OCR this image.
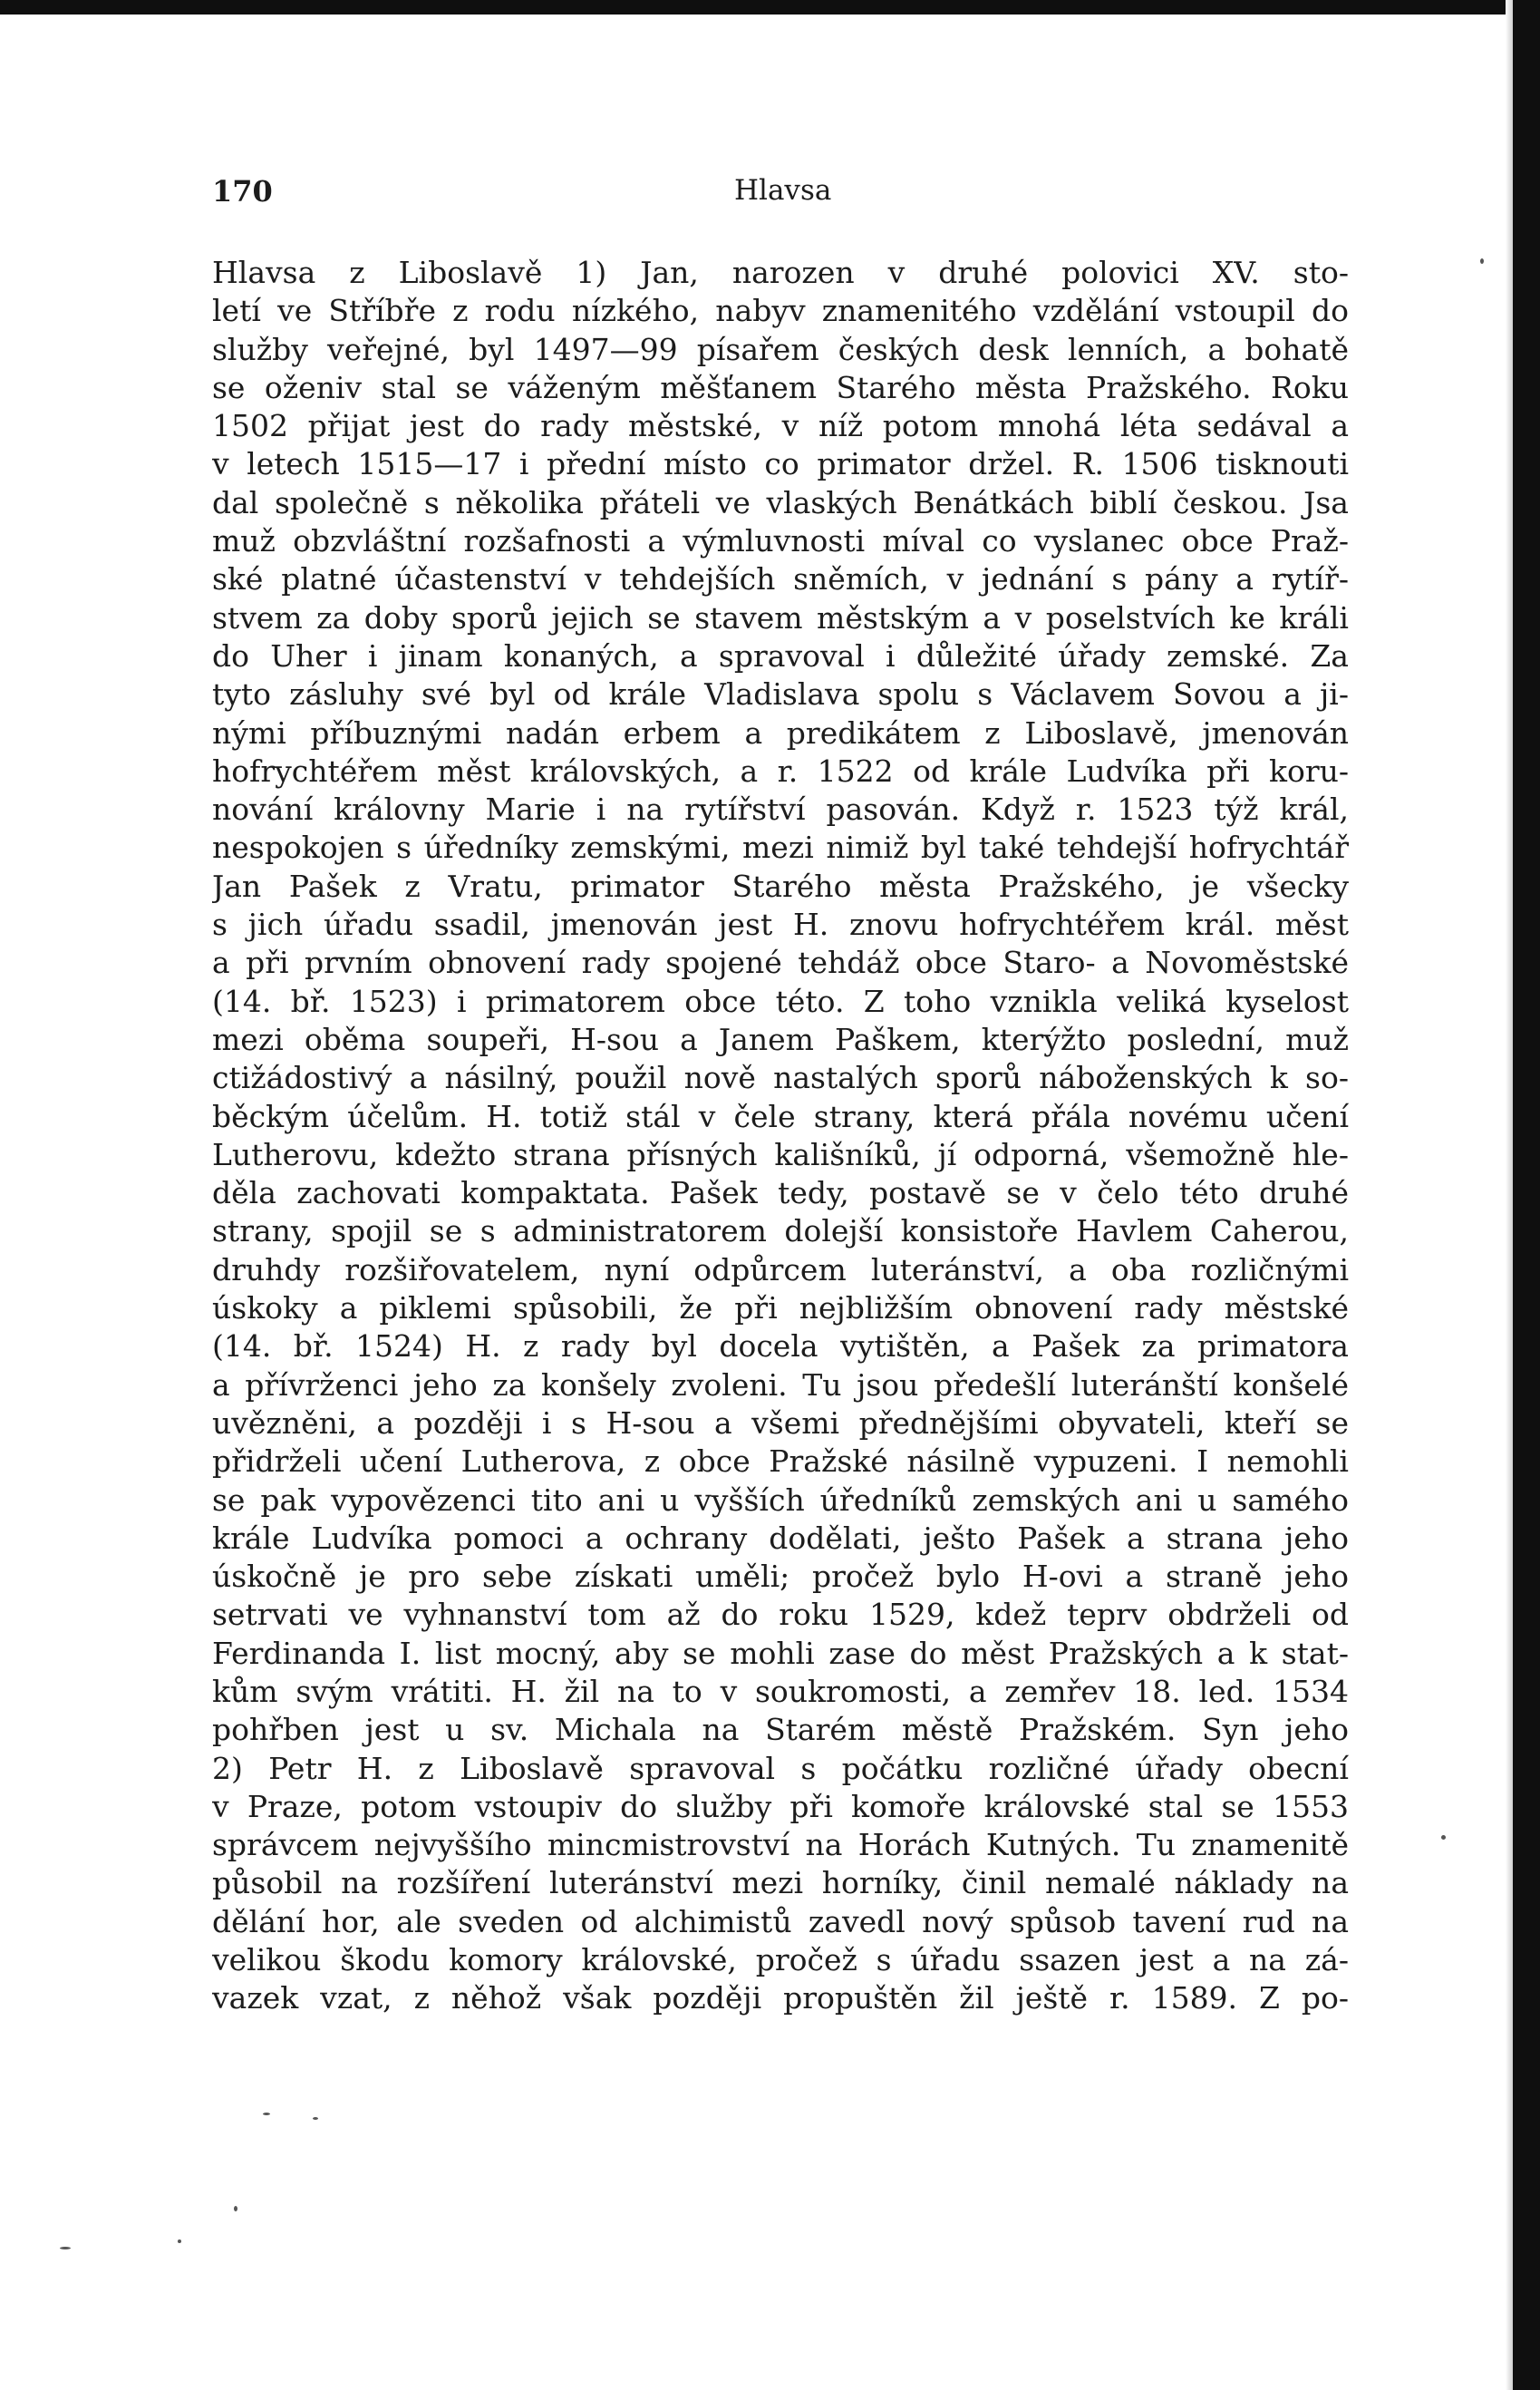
170	Hlavsa
Hlavsa z Liboslavě 1) Jan, narozen v druhé polovici XV. sto-
letí ve Stříbře z rodu nízkého, nabyv znamenitého vzdělání vstoupil do
služby veřejné, byl 1497—99 písařem českých desk lenních, a bohatě
se oženiv stal se váženým měšťanem Starého města Pražského. Roku
1502 přijat jest do rady městské, v níž potom mnohá léta sedával a
v letech 1515—17 i přední místo co primator držel. R. 1506 tisknouti
dal společně s několika přáteli ve vlaských Benátkách biblí českou. Jsa
muž obzvláštní rozšafnosti a výmluvnosti míval co vyslanec obce Praž-
ské platné účastenství v tehdejších sněmích, v jednání s pány a rytíř-
stvem za doby sporů jejich se stavem městským a v poselstvích ke králi
do Uher i jinam konaných, a spravoval i důležité úřady zemské. Za
tyto zásluhy své byl od krále Vladislava spolu s Václavem Sovou a ji-
nými příbuznými nadán erbem a predikátem z Liboslavě, jmenován
hofrychtéřem měst královských, a r. 1522 od krále Ludvíka při koru-
nování královny Marie i na rytířství pasován. Když r. 1523 týž král,
nespokojen s úředníky zemskými, mezi nimiž byl také tehdejší hofrychtář
Jan Pašek z Vratu, primator Starého města Pražského, je všecky
s jich úřadu ssadil, jmenován jest H. znovu hofrychtéřem král. měst
a při prvním obnovení rady spojené tehdáž obce Staro- a Novoměstské
(14. bř. 1523) i primatorem obce této. Z toho vznikla veliká kyselost
mezi oběma soupeři, H-sou a Janem Paškem, kterýžto poslední, muž
ctižádostivý a násilný, použil nově nastalých sporů náboženských k so-
běckým účelům. H. totiž stál v čele strany, která přála novému učení
Lutherovu, kdežto strana přísných kališníků, jí odporná, všemožně hle-
děla zachovati kompaktata. Pašek tedy, postavě se v čelo této druhé
strany, spojil se s administratorem dolejší konsistoře Havlem Caherou,
druhdy rozšiřovatelem, nyní odpůrcem luteránství, a oba rozličnými
úskoky a piklemi spůsobili, že při nejbližším obnovení rady městské
(14. bř. 1524) H. z rady byl docela vytištěn, a Pašek za primatora
a přívrženci jeho za konšely zvoleni. Tu jsou předešlí luteránští konšelé
uvězněni, a později i s H-sou a všemi přednějšími obyvateli, kteří se
přidrželi učení Lutherova, z obce Pražské násilně vypuzeni. I nemohli
se pak vypovězenci tito ani u vyšších úředníků zemských ani u samého
krále Ludvíka pomoci a ochrany dodělati, ješto Pašek a strana jeho
úskočně je pro sebe získati uměli; pročež bylo H-ovi a straně jeho
setrvati ve vyhnanství tom až do roku 1529, kdež teprv obdrželi od
Ferdinanda I. list mocný, aby se mohli zase do měst Pražských a k stat-
kům svým vrátiti. H. žil na to v soukromosti, a zemřev 18. led. 1534
pohřben jest u sv. Michala na Starém městě Pražském. Syn jeho
2) Petr H. z Liboslavě spravoval s počátku rozličné úřady obecní
v Praze, potom vstoupiv do služby při komoře královské stal se 1553
správcem nejvyššího mincmistrovství na Horách Kutných. Tu znamenitě
působil na rozšíření luteránství mezi horníky, činil nemalé náklady na
dělání hor, ale sveden od alchimistů zavedl nový spůsob tavení rud na
velikou škodu komory královské, pročež s úřadu ssazen jest a na zá-
vazek vzat, z něhož však později propuštěn žil ještě r. 1589. Z po-
